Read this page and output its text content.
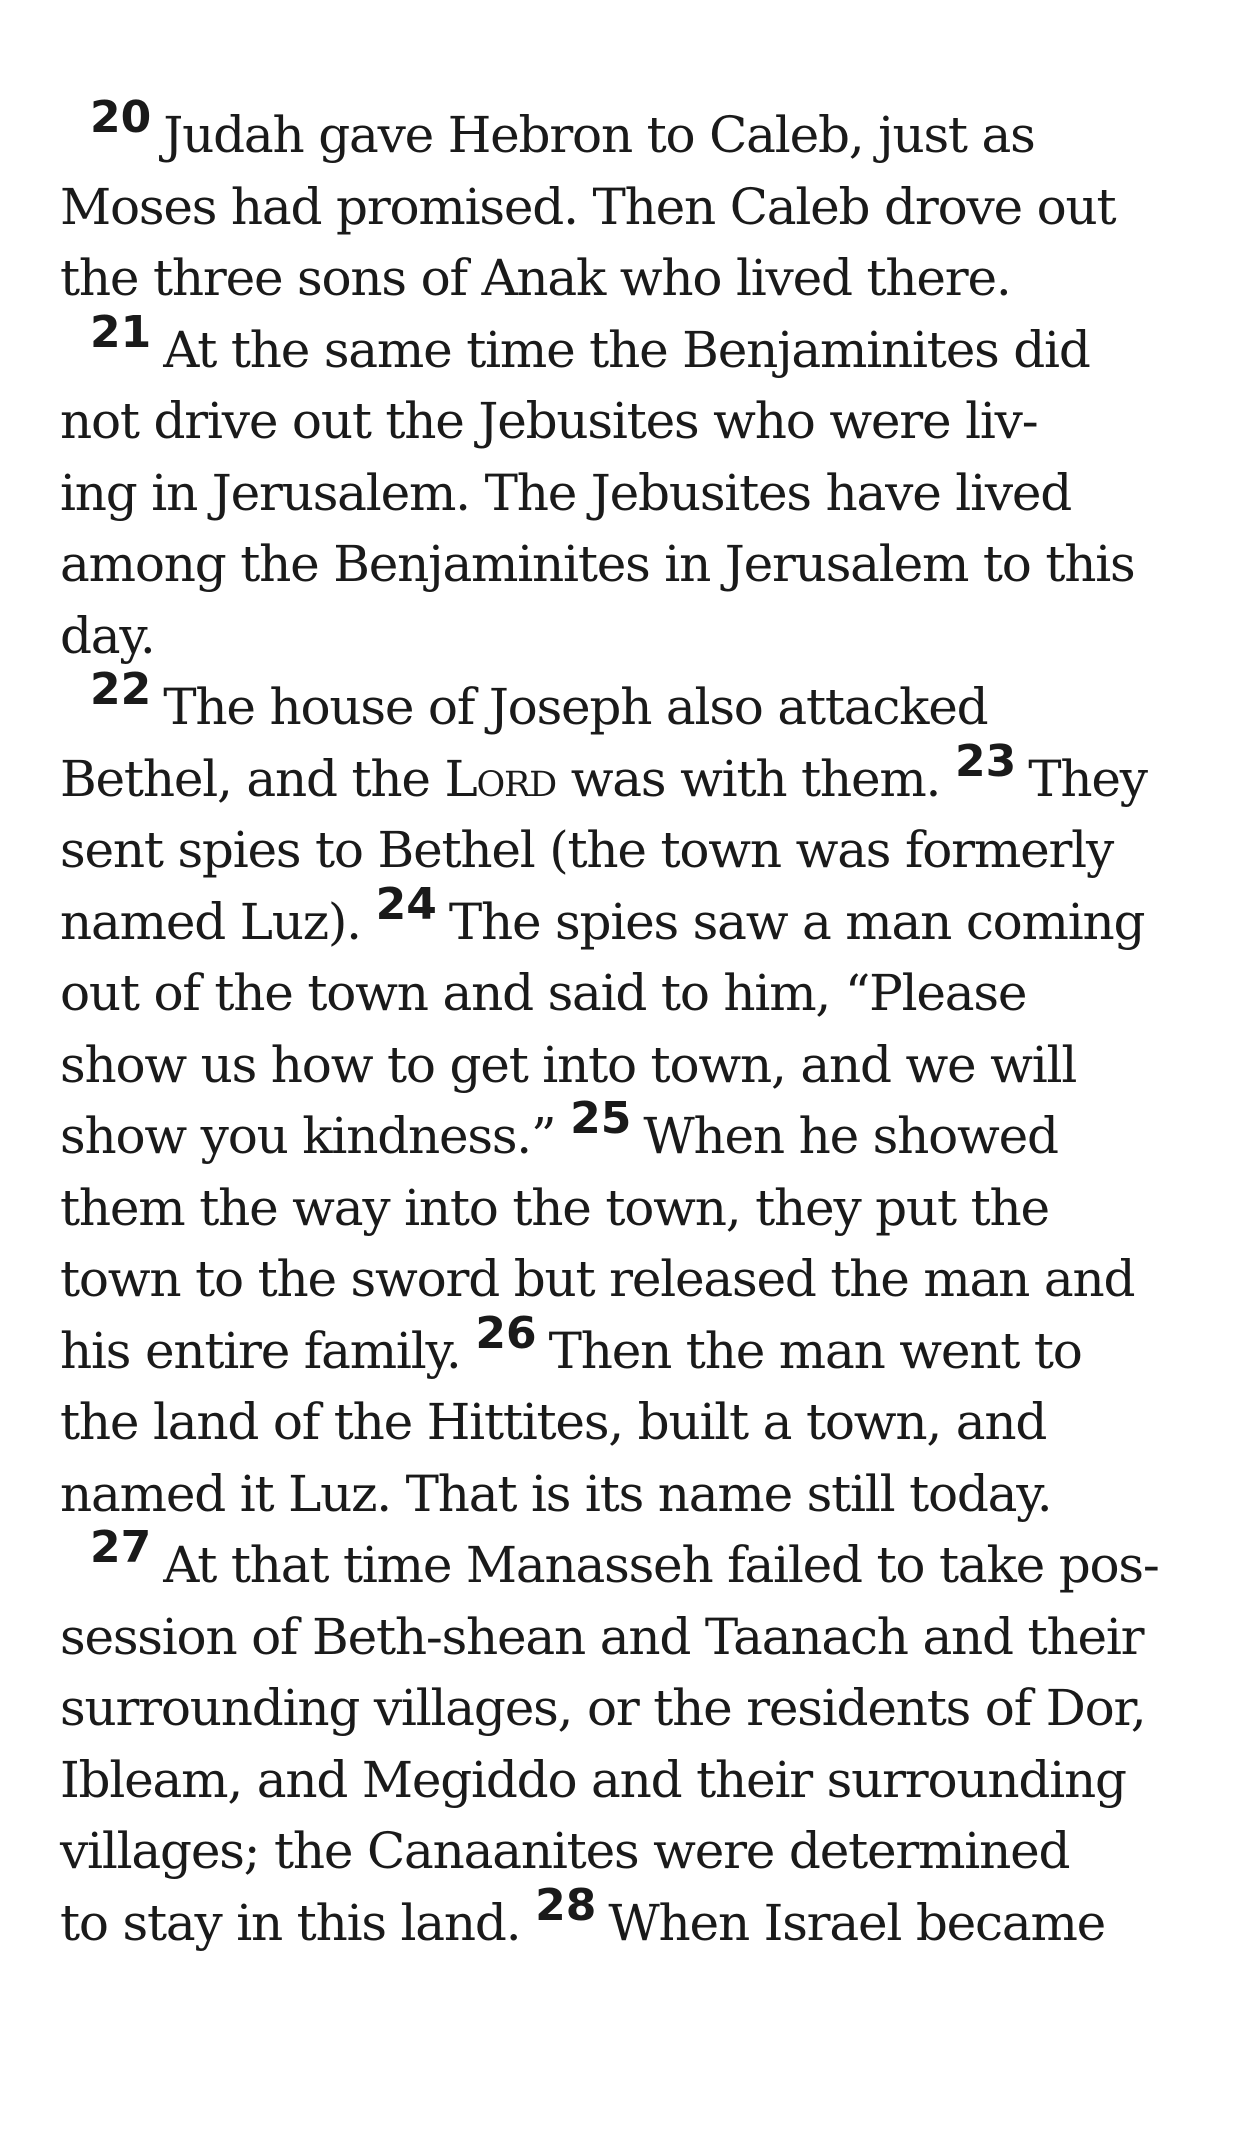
20 Judah gave Hebron to Caleb, just as
Moses had promised. Then Caleb drove out
the three sons of Anak who lived there.
21 At the same time the Benjaminites did
not drive out the Jebusites who were liv-
ing in Jerusalem. The Jebusites have lived
among the Benjaminites in Jerusalem to this
day.
22 The house of Joseph also attacked
Bethel, and the Lord was with them. 23 They
sent spies to Bethel (the town was formerly
named Luz). 24 The spies saw a man coming
out of the town and said to him, “Please
show us how to get into town, and we will
show you kindness.” 25 When he showed
them the way into the town, they put the
town to the sword but released the man and
his entire family. 26 Then the man went to
the land of the Hittites, built a town, and
named it Luz. That is its name still today.
27 At that time Manasseh failed to take pos-
session of Beth-shean and Taanach and their
surrounding villages, or the residents of Dor,
Ibleam, and Megiddo and their surrounding
villages; the Canaanites were determined
to stay in this land. 28 When Israel became
